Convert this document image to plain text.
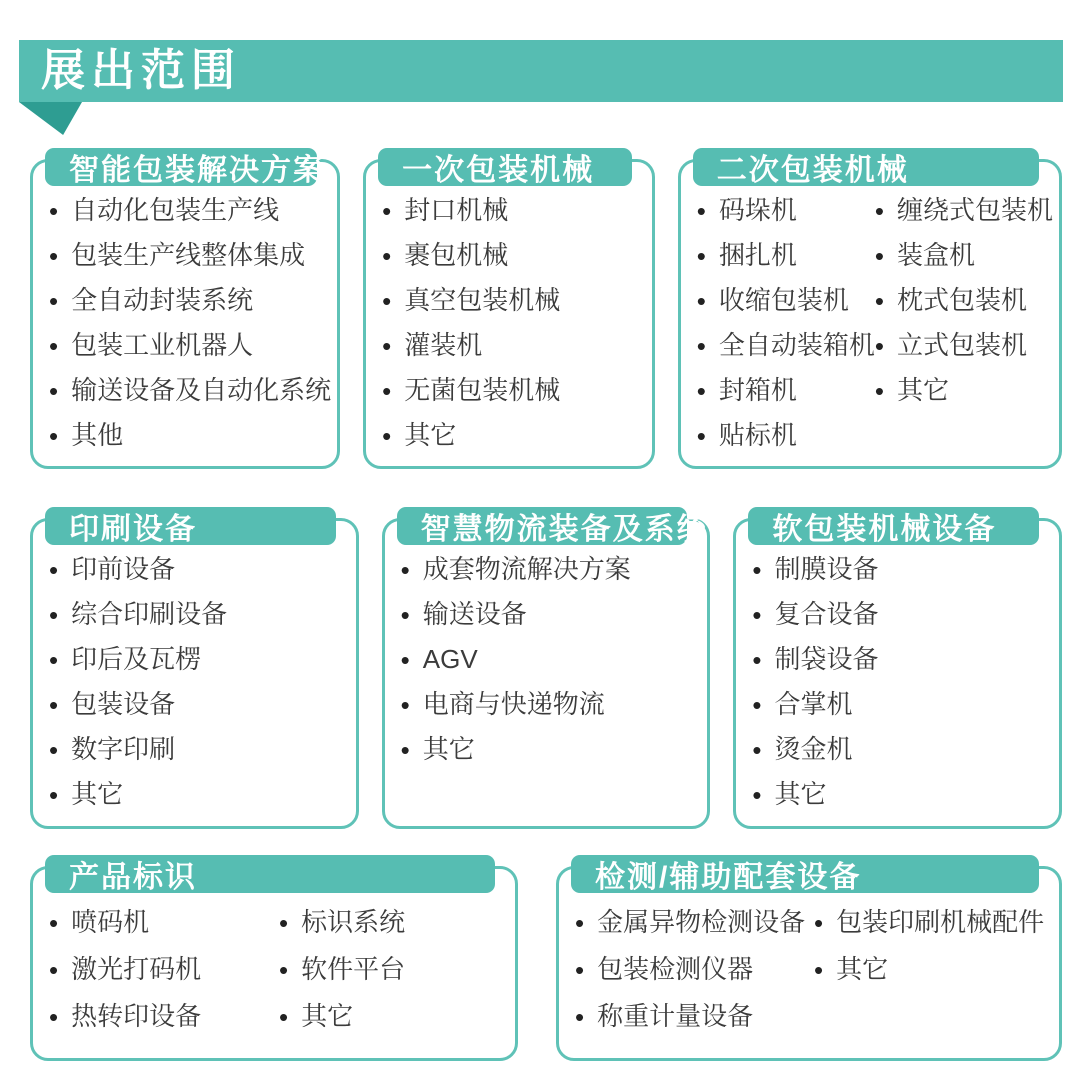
展出范围
智能包装解决方案
• 自动化包装生产线
• 包装生产线整体集成
• 全自动封装系统
• 包装工业机器人
• 输送设备及自动化系统
• 其他
一次包装机械
• 封口机械
• 裹包机械
• 真空包装机械
• 灌装机
• 无菌包装机械
• 其它
二次包装机械
• 码垛机
• 捆扎机
• 收缩包装机
• 全自动装箱机
• 封箱机
• 贴标机
• 缠绕式包装机
• 装盒机
• 枕式包装机
• 立式包装机
• 其它
印刷设备
• 印前设备
• 综合印刷设备
• 印后及瓦楞
• 包装设备
• 数字印刷
• 其它
智慧物流装备及系统
• 成套物流解决方案
• 输送设备
• AGV
• 电商与快递物流
• 其它
软包装机械设备
• 制膜设备
• 复合设备
• 制袋设备
• 合掌机
• 烫金机
• 其它
产品标识
• 喷码机
• 激光打码机
• 热转印设备
• 标识系统
• 软件平台
• 其它
检测/辅助配套设备
• 金属异物检测设备
• 包装检测仪器
• 称重计量设备
• 包装印刷机械配件
• 其它
